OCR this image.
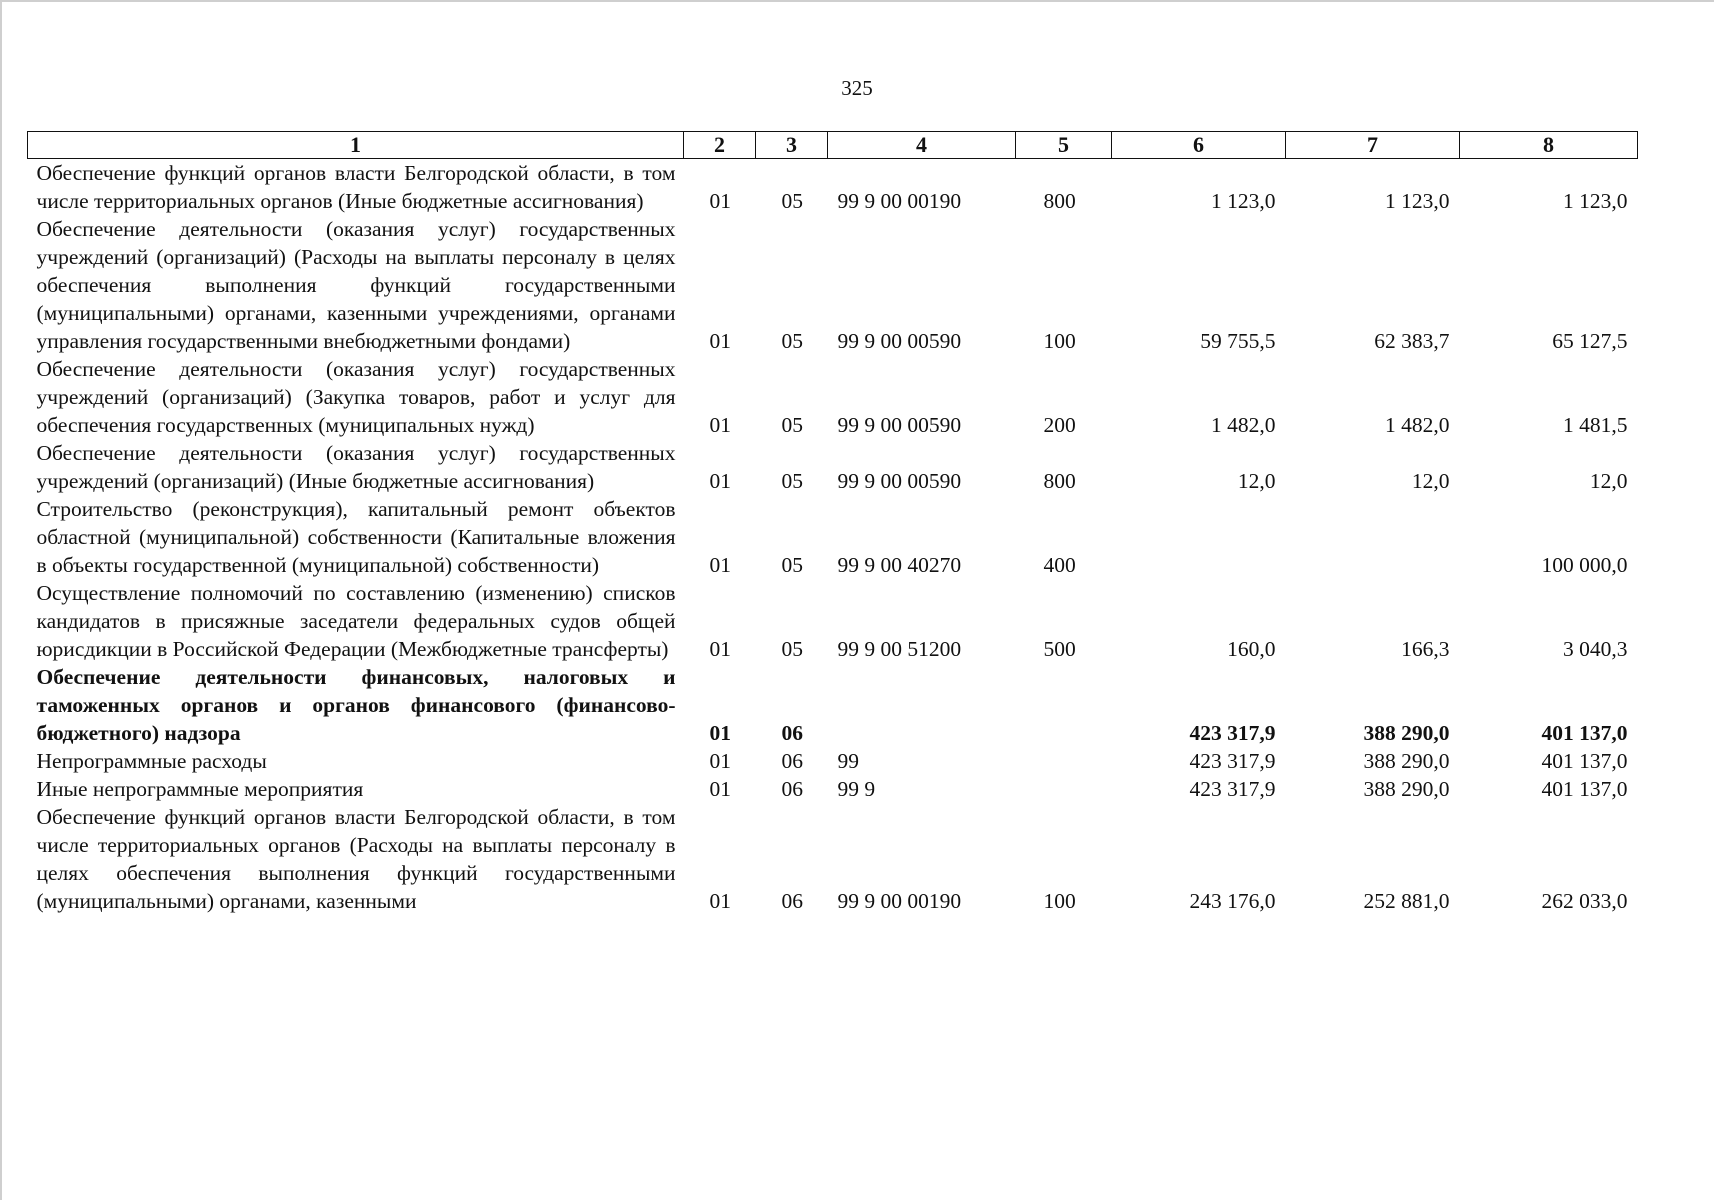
325
1	2	3	4	5	6	7	8
Обеспечение функций органов власти Белгородской области, в том числе территориальных органов (Иные бюджетные ассигнования)	01	05	99 9 00 00190	800	1 123,0	1 123,0	1 123,0
Обеспечение деятельности (оказания услуг) государственных учреждений (организаций) (Расходы на выплаты персоналу в целях обеспечения выполнения функций государственными (муниципальными) органами, казенными учреждениями, органами управления государственными внебюджетными фондами)	01	05	99 9 00 00590	100	59 755,5	62 383,7	65 127,5
Обеспечение деятельности (оказания услуг) государственных учреждений (организаций) (Закупка товаров, работ и услуг для обеспечения государственных (муниципальных нужд)	01	05	99 9 00 00590	200	1 482,0	1 482,0	1 481,5
Обеспечение деятельности (оказания услуг) государственных учреждений (организаций) (Иные бюджетные ассигнования)	01	05	99 9 00 00590	800	12,0	12,0	12,0
Строительство (реконструкция), капитальный ремонт объектов областной (муниципальной) собственности (Капитальные вложения в объекты государственной (муниципальной) собственности)	01	05	99 9 00 40270	400			100 000,0
Осуществление полномочий по составлению (изменению) списков кандидатов в присяжные заседатели федеральных судов общей юрисдикции в Российской Федерации (Межбюджетные трансферты)	01	05	99 9 00 51200	500	160,0	166,3	3 040,3
Обеспечение деятельности финансовых, налоговых и таможенных органов и органов финансового (финансово-бюджетного) надзора	01	06			423 317,9	388 290,0	401 137,0
Непрограммные расходы	01	06	99		423 317,9	388 290,0	401 137,0
Иные непрограммные мероприятия	01	06	99 9		423 317,9	388 290,0	401 137,0
Обеспечение функций органов власти Белгородской области, в том числе территориальных органов (Расходы на выплаты персоналу в целях обеспечения выполнения функций государственными (муниципальными) органами, казенными	01	06	99 9 00 00190	100	243 176,0	252 881,0	262 033,0
